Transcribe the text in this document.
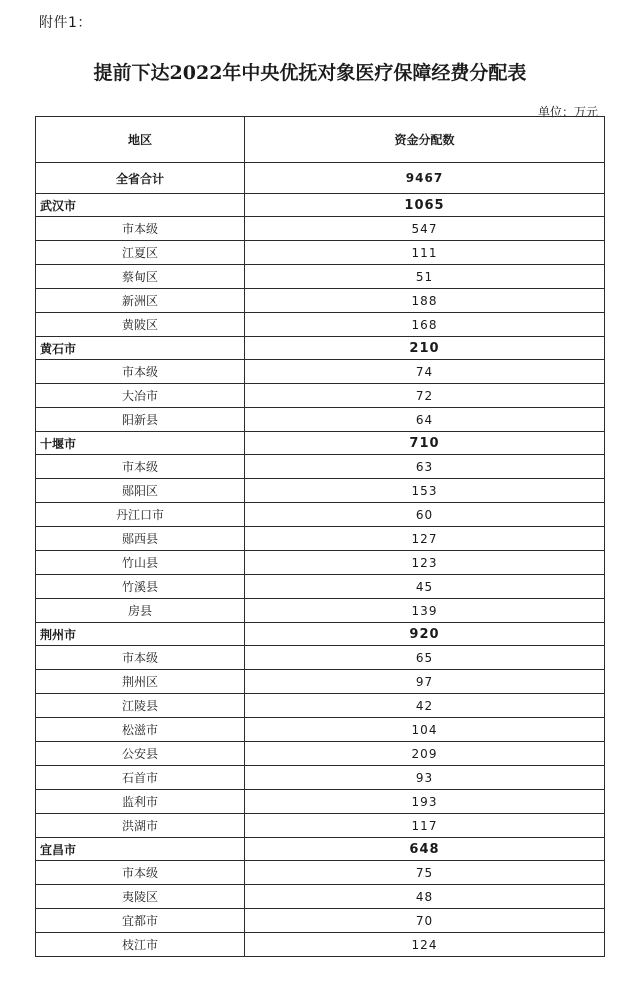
附件1：
提前下达2022年中央优抚对象医疗保障经费分配表
单位：万元
地区	资金分配数
全省合计	9467
武汉市	1065
市本级	547
江夏区	111
蔡甸区	51
新洲区	188
黄陂区	168
黄石市	210
市本级	74
大冶市	72
阳新县	64
十堰市	710
市本级	63
郧阳区	153
丹江口市	60
郧西县	127
竹山县	123
竹溪县	45
房县	139
荆州市	920
市本级	65
荆州区	97
江陵县	42
松滋市	104
公安县	209
石首市	93
监利市	193
洪湖市	117
宜昌市	648
市本级	75
夷陵区	48
宜都市	70
枝江市	124
